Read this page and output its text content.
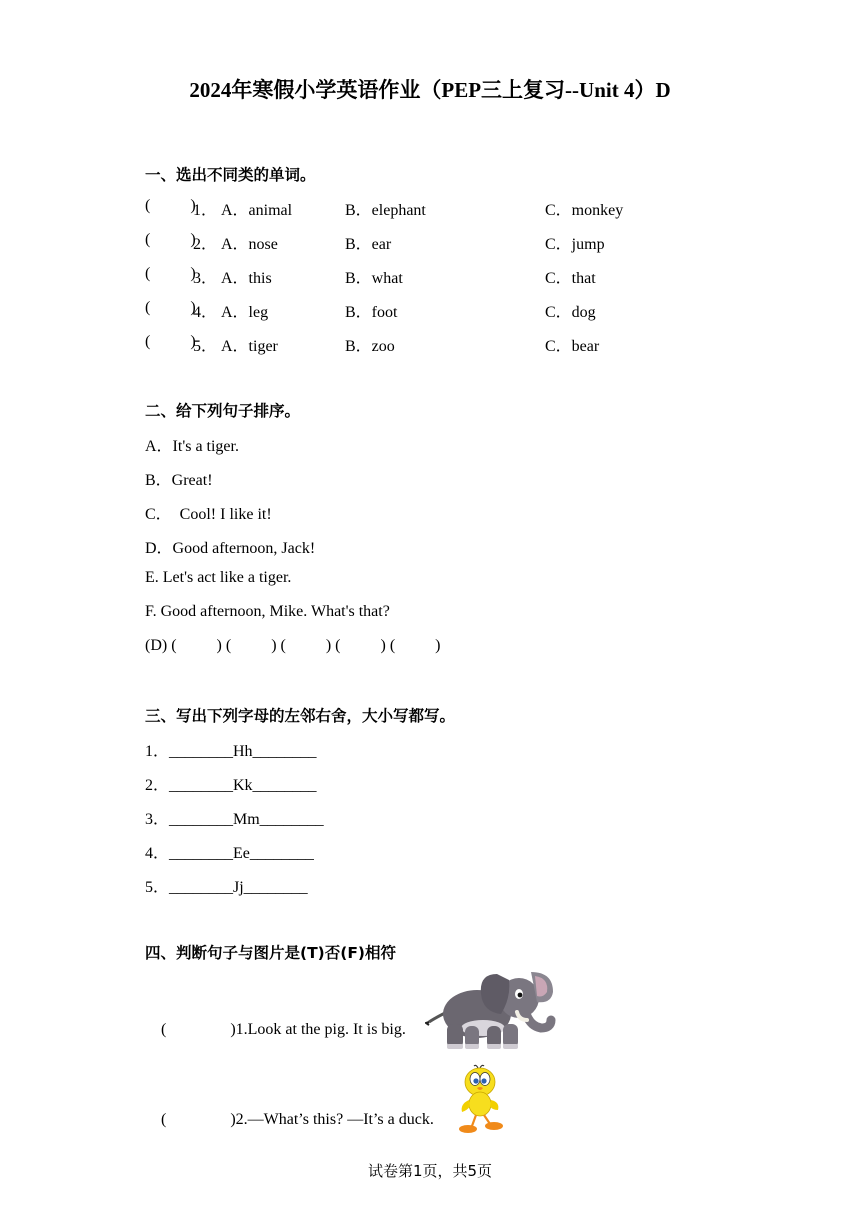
2024年寒假小学英语作业（PEP三上复习--Unit 4）D
一、选出不同类的单词。
(          )
1． A．animal	B．elephant	C．monkey
(          )
2． A．nose	B．ear	C．jump
(          )
3． A．this	B．what	C．that
(          )
4． A．leg	B．foot	C．dog
(          )
5． A．tiger	B．zoo	C．bear
二、给下列句子排序。
A．It's a tiger.
B．Great!
C．  Cool! I like it!
D．Good afternoon, Jack!
E. Let's act like a tiger.
F. Good afternoon, Mike. What's that?
(D) (          ) (          ) (          ) (          ) (          )
三、写出下列字母的左邻右舍，大小写都写。
1．________Hh________
2．________Kk________
3．________Mm________
4．________Ee________
5．________Jj________
四、判断句子与图片是(T)否(F)相符

(                )1.Look at the pig. It is big.

(                )2.—What’s this? —It’s a duck.

试卷第1页，共5页
